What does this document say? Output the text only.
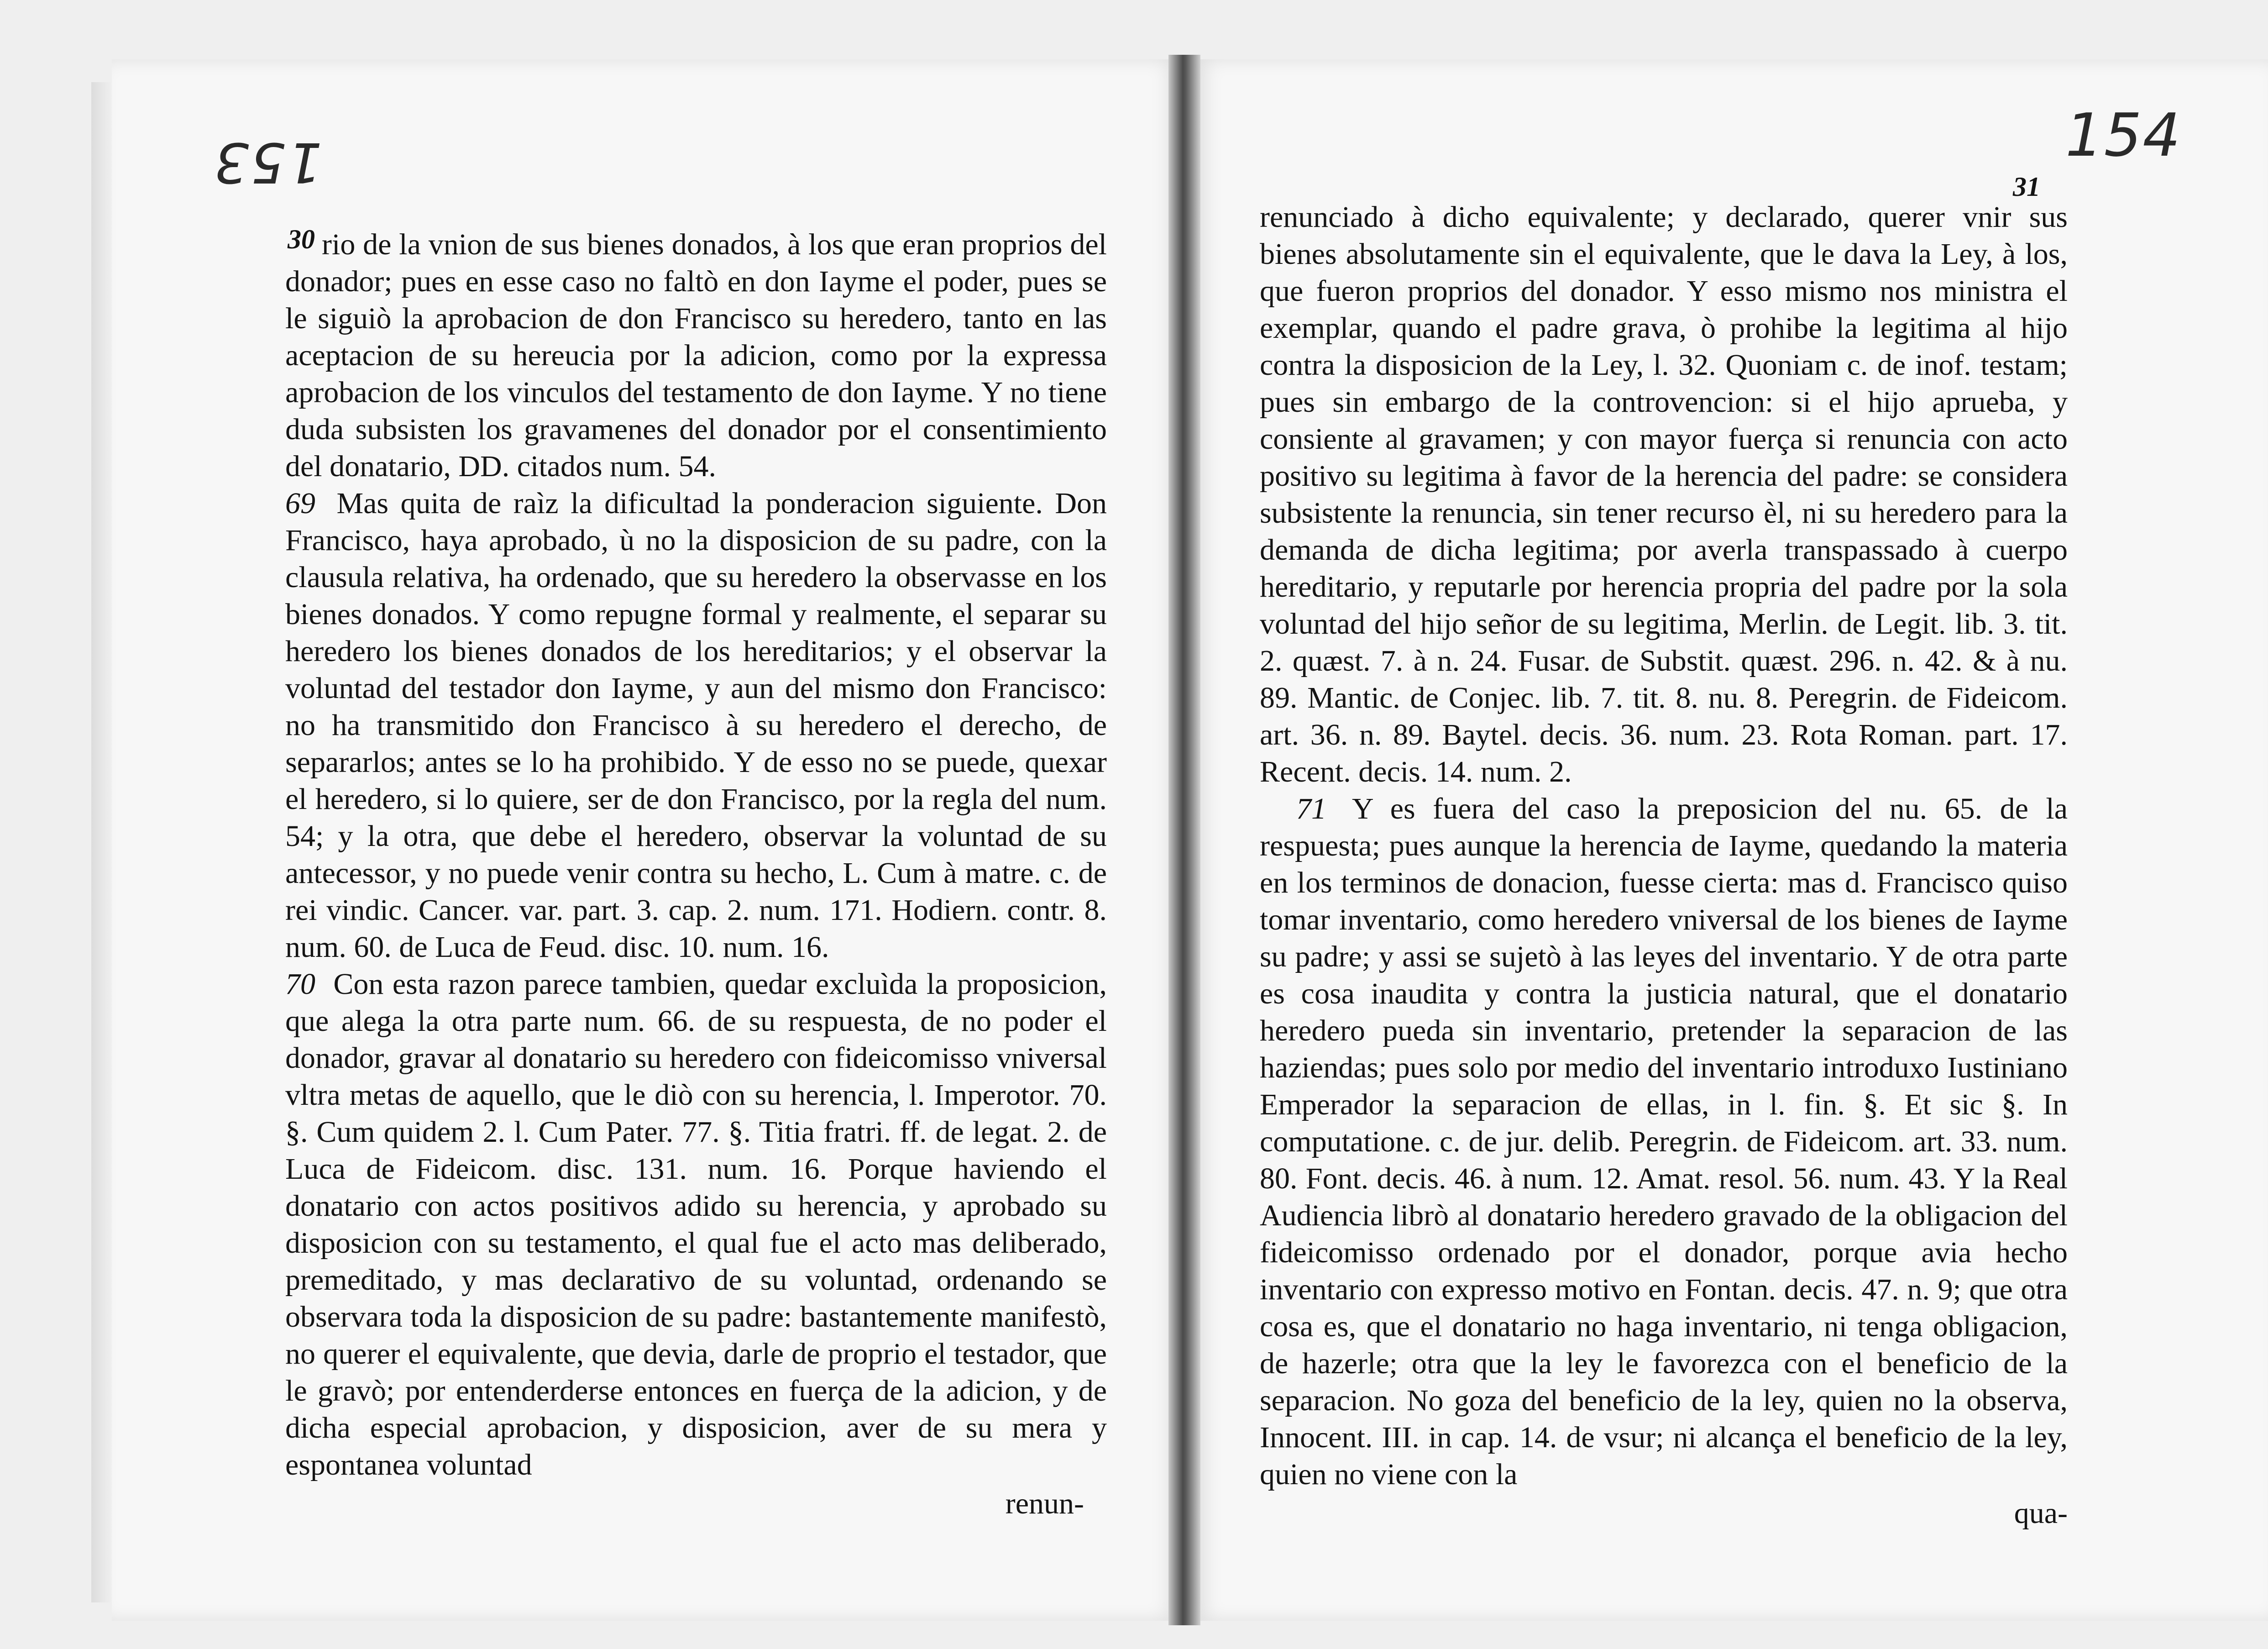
153	154
30
31

rio de la vnion de sus bienes donados, à los que eran proprios del donador; pues en esse caso no faltò en don Iayme el poder, pues se le siguiò la aprobacion de don Francisco su heredero, tanto en las aceptacion de su hereucia por la adicion, como por la expressa aprobacion de los vinculos del testamento de don Iayme. Y no tiene duda subsisten los gravamenes del donador por el consentimiento del donatario, DD. citados num. 54.

69 Mas quita de raìz la dificultad la ponderacion siguiente. Don Francisco, haya aprobado, ù no la disposicion de su padre, con la clausula relativa, ha ordenado, que su heredero la observasse en los bienes donados. Y como repugne formal y realmente, el separar su heredero los bienes donados de los hereditarios; y el observar la voluntad del testador don Iayme, y aun del mismo don Francisco: no ha transmitido don Francisco à su heredero el derecho, de separarlos; antes se lo ha prohibido. Y de esso no se puede, quexar el heredero, si lo quiere, ser de don Francisco, por la regla del num. 54; y la otra, que debe el heredero, observar la voluntad de su antecessor, y no puede venir contra su hecho, L. Cum à matre. c. de rei vindic. Cancer. var. part. 3. cap. 2. num. 171. Hodiern. contr. 8. num. 60. de Luca de Feud. disc. 10. num. 16.

70 Con esta razon parece tambien, quedar excluìda la proposicion, que alega la otra parte num. 66. de su respuesta, de no poder el donador, gravar al donatario su heredero con fideicomisso vniversal vltra metas de aquello, que le diò con su herencia, l. Imperotor. 70. §. Cum quidem 2. l. Cum Pater. 77. §. Titia fratri. ff. de legat. 2. de Luca de Fideicom. disc. 131. num. 16. Porque haviendo el donatario con actos positivos adido su herencia, y aprobado su disposicion con su testamento, el qual fue el acto mas deliberado, premeditado, y mas declarativo de su voluntad, ordenando se observara toda la disposicion de su padre: bastantemente manifestò, no querer el equivalente, que devia, darle de proprio el testador, que le gravò; por entenderderse entonces en fuerça de la adicion, y de dicha especial aprobacion, y disposicion, aver de su mera y espontanea voluntad

renun-

renunciado à dicho equivalente; y declarado, querer vnir sus bienes absolutamente sin el equivalente, que le dava la Ley, à los, que fueron proprios del donador. Y esso mismo nos ministra el exemplar, quando el padre grava, ò prohibe la legitima al hijo contra la disposicion de la Ley, l. 32. Quoniam c. de inof. testam; pues sin embargo de la controvencion: si el hijo aprueba, y consiente al gravamen; y con mayor fuerça si renuncia con acto positivo su legitima à favor de la herencia del padre: se considera subsistente la renuncia, sin tener recurso èl, ni su heredero para la demanda de dicha legitima; por averla transpassado à cuerpo hereditario, y reputarle por herencia propria del padre por la sola voluntad del hijo señor de su legitima, Merlin. de Legit. lib. 3. tit. 2. quæst. 7. à n. 24. Fusar. de Substit. quæst. 296. n. 42. & à nu. 89. Mantic. de Conjec. lib. 7. tit. 8. nu. 8. Peregrin. de Fideicom. art. 36. n. 89. Baytel. decis. 36. num. 23. Rota Roman. part. 17. Recent. decis. 14. num. 2.

71 Y es fuera del caso la preposicion del nu. 65. de la respuesta; pues aunque la herencia de Iayme, quedando la materia en los terminos de donacion, fuesse cierta: mas d. Francisco quiso tomar inventario, como heredero vniversal de los bienes de Iayme su padre; y assi se sujetò à las leyes del inventario. Y de otra parte es cosa inaudita y contra la justicia natural, que el donatario heredero pueda sin inventario, pretender la separacion de las haziendas; pues solo por medio del inventario introduxo Iustiniano Emperador la separacion de ellas, in l. fin. §. Et sic §. In computatione. c. de jur. delib. Peregrin. de Fideicom. art. 33. num. 80. Font. decis. 46. à num. 12. Amat. resol. 56. num. 43. Y la Real Audiencia librò al donatario heredero gravado de la obligacion del fideicomisso ordenado por el donador, porque avia hecho inventario con expresso motivo en Fontan. decis. 47. n. 9; que otra cosa es, que el donatario no haga inventario, ni tenga obligacion, de hazerle; otra que la ley le favorezca con el beneficio de la separacion. No goza del beneficio de la ley, quien no la observa, Innocent. III. in cap. 14. de vsur; ni alcança el beneficio de la ley, quien no viene con la

qua-
